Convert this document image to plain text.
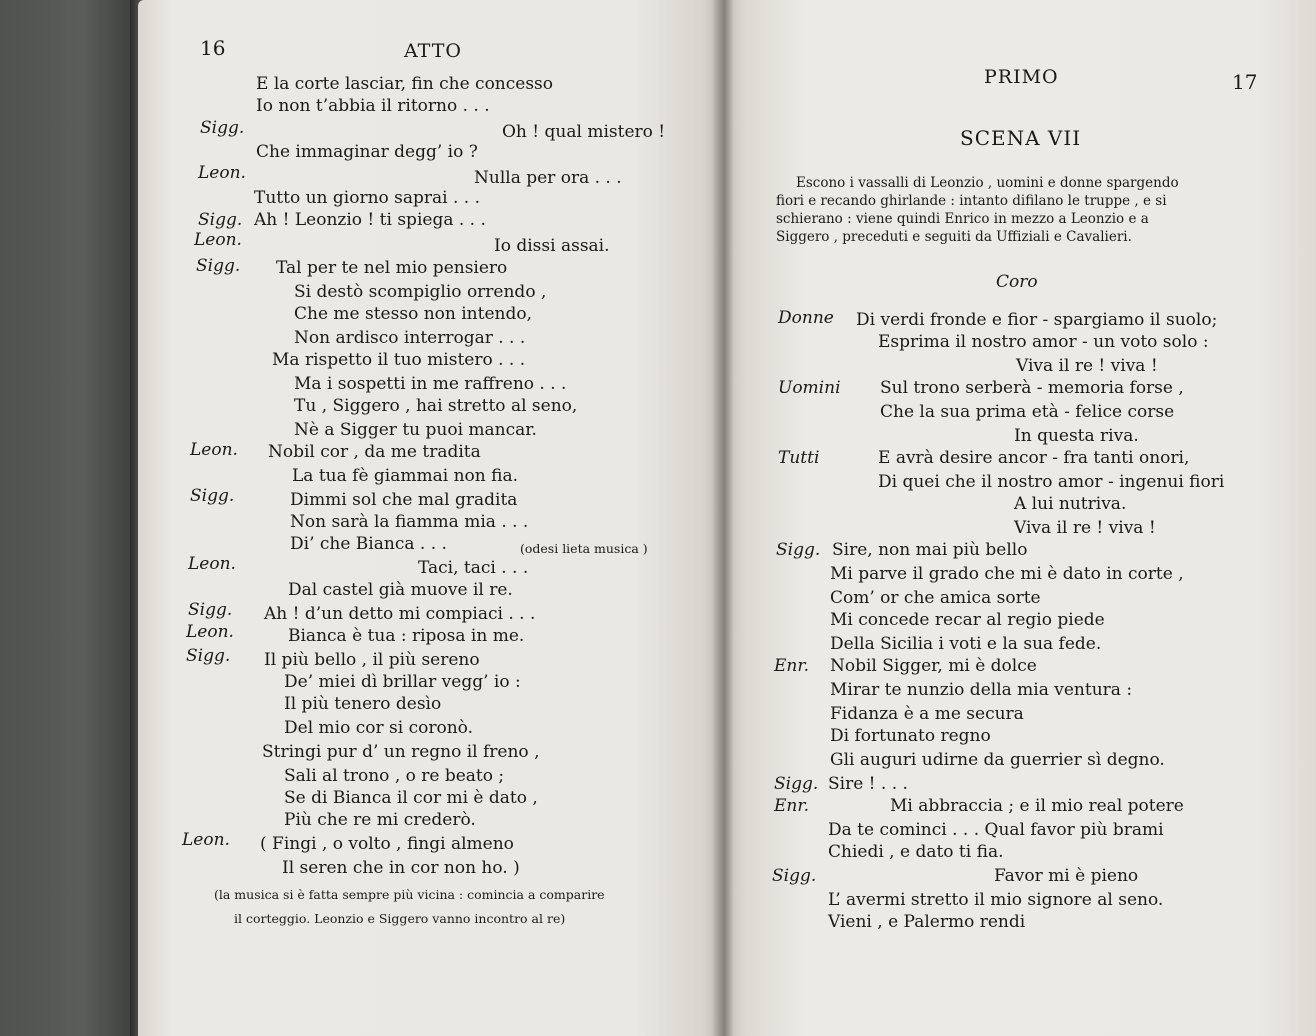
16	ATTO
E la corte lasciar, fin che concesso
Io non t’abbia il ritorno . . .
Sigg.	Oh ! qual mistero !
Che immaginar degg’ io ?
Leon.	Nulla per ora . . .
Tutto un giorno saprai . . .
Sigg. Ah ! Leonzio ! ti spiega . . .
Leon.	Io dissi assai.
Sigg. Tal per te nel mio pensiero
Si destò scompiglio orrendo ,
Che me stesso non intendo,
Non ardisco interrogar . . .
Ma rispetto il tuo mistero . . .
Ma i sospetti in me raffreno . . .
Tu , Siggero , hai stretto al seno,
Nè a Sigger tu puoi mancar.
Leon. Nobil cor , da me tradita
La tua fè giammai non fia.
Sigg.	Dimmi sol che mal gradita
Non sarà la fiamma mia . . .
Di’ che Bianca . . .	(odesi lieta musica )
Leon.	Taci, taci . . .
Dal castel già muove il re.
Sigg. Ah ! d’un detto mi compiaci . . .
Leon.	Bianca è tua : riposa in me.
Sigg. Il più bello , il più sereno
De’ miei dì brillar vegg’ io :
Il più tenero desìo
Del mio cor si coronò.
Stringi pur d’ un regno il freno ,
Sali al trono , o re beato ;
Se di Bianca il cor mi è dato ,
Più che re mi crederò.
Leon. ( Fingi , o volto , fingi almeno
Il seren che in cor non ho. )
(la musica si è fatta sempre più vicina : comincia a comparire
il corteggio. Leonzio e Siggero vanno incontro al re)
PRIMO	17
SCENA VII
Escono i vassalli di Leonzio , uomini e donne spargendo
fiori e recando ghirlande : intanto difilano le truppe , e si
schierano : viene quindi Enrico in mezzo a Leonzio e a
Siggero , preceduti e seguiti da Uffiziali e Cavalieri.
Coro
Donne Di verdi fronde e fior - spargiamo il suolo;
Esprima il nostro amor - un voto solo :
Viva il re ! viva !
Uomini Sul trono serberà - memoria forse ,
Che la sua prima età - felice corse
In questa riva.
Tutti	E avrà desire ancor - fra tanti onori,
Di quei che il nostro amor - ingenui fiori
A lui nutriva.
Viva il re ! viva !
Sigg. Sire, non mai più bello
Mi parve il grado che mi è dato in corte ,
Com’ or che amica sorte
Mi concede recar al regio piede
Della Sicilia i voti e la sua fede.
Enr. Nobil Sigger, mi è dolce
Mirar te nunzio della mia ventura :
Fidanza è a me secura
Di fortunato regno
Gli auguri udirne da guerrier sì degno.
Sigg. Sire ! . . .
Enr.	Mi abbraccia ; e il mio real potere
Da te cominci . . . Qual favor più brami
Chiedi , e dato ti fia.
Sigg.	Favor mi è pieno
L’ avermi stretto il mio signore al seno.
Vieni , e Palermo rendi
